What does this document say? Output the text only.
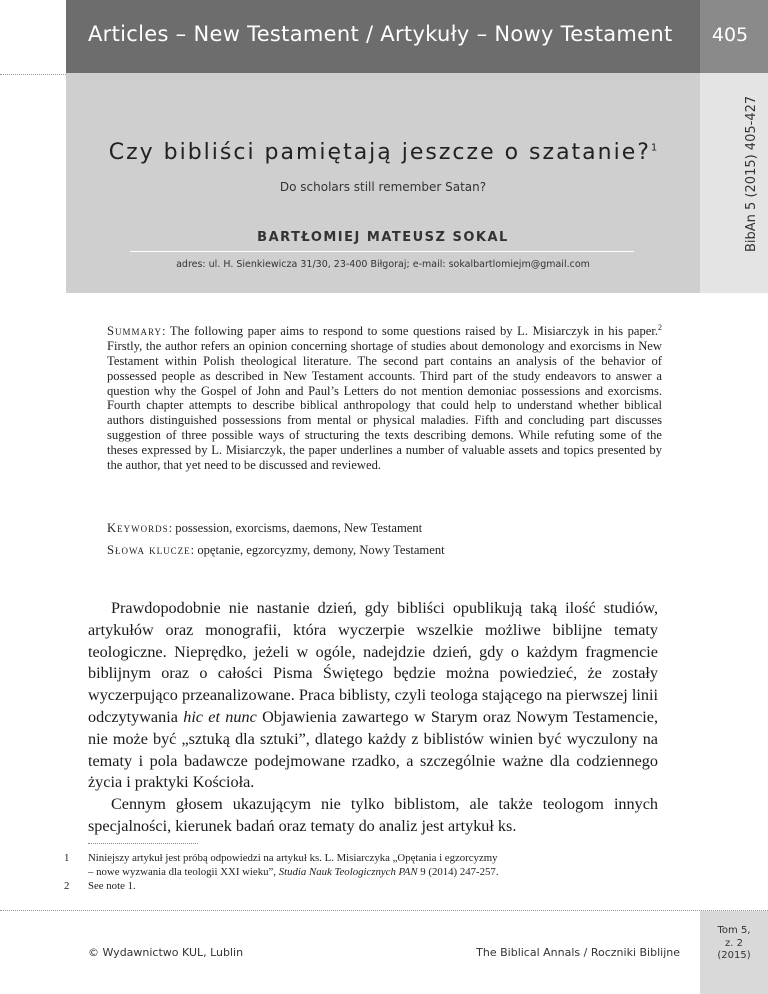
Articles – New Testament / Artykuły – Nowy Testament	405
BibAn 5 (2015) 405-427
Czy bibliści pamiętają jeszcze o szatanie?$^1$
Do scholars still remember Satan?
BARTŁOMIEJ MATEUSZ SOKAL
adres: ul. H. Sienkiewicza 31/30, 23-400 Biłgoraj; e-mail: sokalbartlomiejm@gmail.com
Summary: The following paper aims to respond to some questions raised by L. Misiarczyk in his paper.$^2$ Firstly, the author refers an opinion concerning shortage of studies about demonology and exorcisms in New Testament within Polish theological literature. The second part contains an analysis of the behavior of possessed people as described in New Testament accounts. Third part of the study endeavors to answer a question why the Gospel of John and Paul’s Letters do not mention demoniac possessions and exorcisms. Fourth chapter attempts to describe biblical anthropology that could help to understand whether biblical authors distinguished possessions from mental or physical maladies. Fifth and concluding part discusses suggestion of three possible ways of structuring the texts describing demons. While refuting some of the theses expressed by L. Misiarczyk, the paper underlines a number of valuable assets and topics presented by the author, that yet need to be discussed and reviewed.
Keywords: possession, exorcisms, daemons, New Testament
Słowa klucze: opętanie, egzorcyzmy, demony, Nowy Testament

Prawdopodobnie nie nastanie dzień, gdy bibliści opublikują taką ilość studiów, artykułów oraz monografii, która wyczerpie wszelkie możliwe biblijne tematy teologiczne. Nieprędko, jeżeli w ogóle, nadejdzie dzień, gdy o każdym fragmencie biblijnym oraz o całości Pisma Świętego będzie można powiedzieć, że zostały wyczerpująco przeanalizowane. Praca biblisty, czyli teologa stającego na pierwszej linii odczytywania hic et nunc Objawienia zawartego w Starym oraz Nowym Testamencie, nie może być „sztuką dla sztuki”, dlatego każdy z biblistów winien być wyczulony na tematy i pola badawcze podejmowane rzadko, a szczególnie ważne dla codziennego życia i praktyki Kościoła.

Cennym głosem ukazującym nie tylko biblistom, ale także teologom innych specjalności, kierunek badań oraz tematy do analiz jest artykuł ks.

1 Niniejszy artykuł jest próbą odpowiedzi na artykuł ks. L. Misiarczyka „Opętania i egzorcyzmy
– nowe wyzwania dla teologii XXI wieku”, Studia Nauk Teologicznych PAN 9 (2014) 247-257.
2 See note 1.
© Wydawnictwo KUL, Lublin	The Biblical Annals / Roczniki Biblijne
Tom 5,
z. 2
(2015)
